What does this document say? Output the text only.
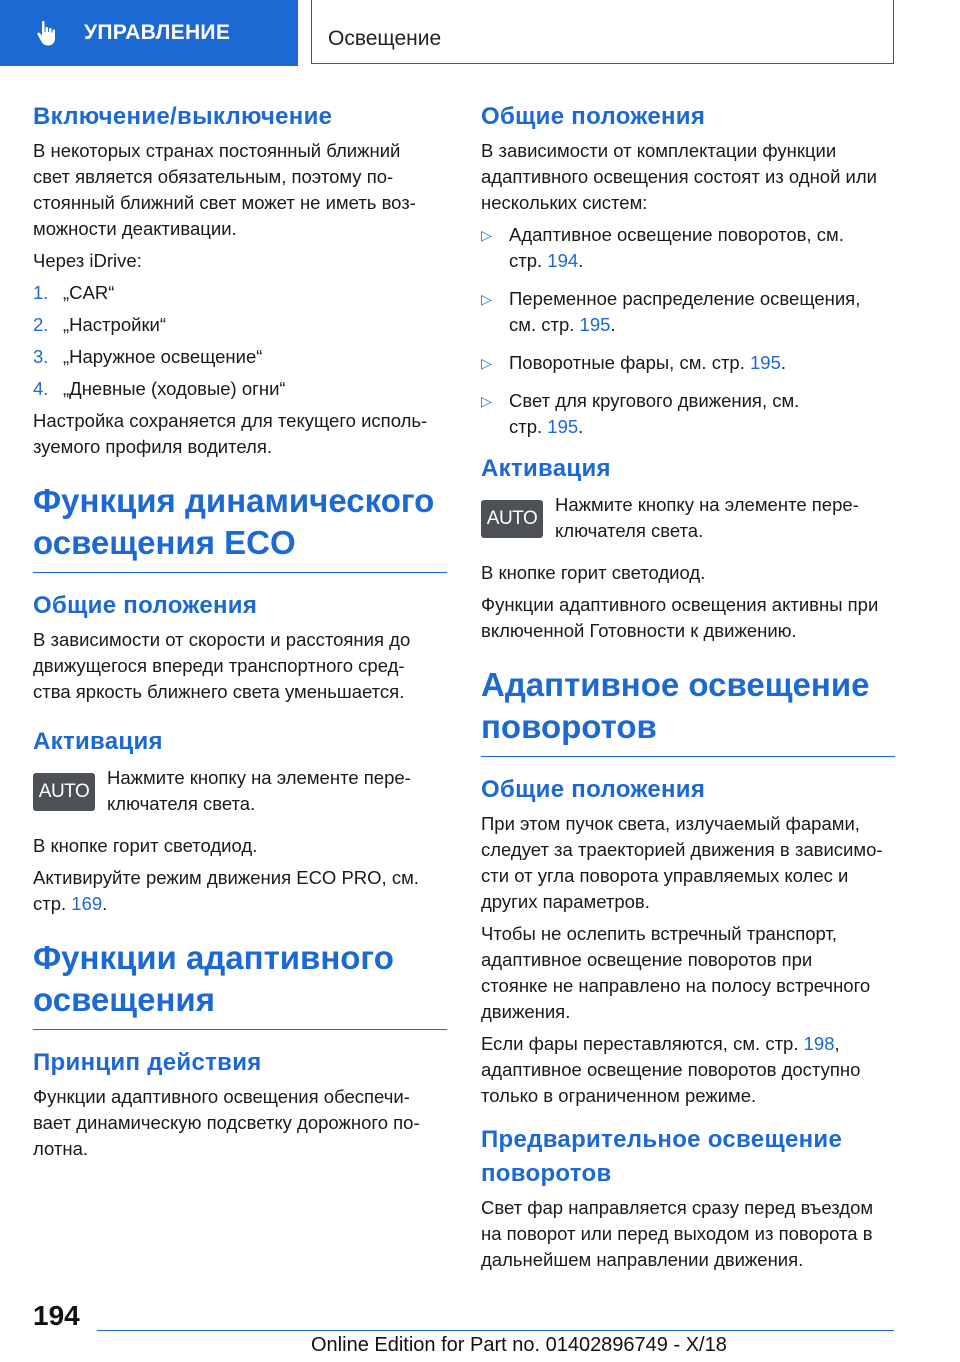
УПРАВЛЕНИЕ	Освещение
Включение/выключение

В некоторых странах постоянный ближний
свет является обязательным, поэтому по-
стоянный ближний свет может не иметь воз-
можности деактивации.

Через iDrive:

1. „CAR“
2. „Настройки“
3. „Наружное освещение“
4. „Дневные (ходовые) огни“

Настройка сохраняется для текущего исполь-
зуемого профиля водителя.

Функция динамического
освещения ECO
Общие положения

В зависимости от скорости и расстояния до
движущегося впереди транспортного сред-
ства яркость ближнего света уменьшается.

Активация
AUTO

Нажмите кнопку на элементе пере-
ключателя света.

В кнопке горит светодиод.

Активируйте режим движения ECO PRO, см.
стр. 169.

Функции адаптивного
освещения
Принцип действия

Функции адаптивного освещения обеспечи-
вает динамическую подсветку дорожного по-
лотна.

Общие положения

В зависимости от комплектации функции
адаптивного освещения состоят из одной или
нескольких систем:

▷ Адаптивное освещение поворотов, см.
стр. 194.
▷ Переменное распределение освещения,
см. стр. 195.
▷ Поворотные фары, см. стр. 195.
▷ Свет для кругового движения, см.
стр. 195.
Активация
AUTO

Нажмите кнопку на элементе пере-
ключателя света.

В кнопке горит светодиод.

Функции адаптивного освещения активны при
включенной Готовности к движению.

Адаптивное освещение
поворотов
Общие положения

При этом пучок света, излучаемый фарами,
следует за траекторией движения в зависимо-
сти от угла поворота управляемых колес и
других параметров.

Чтобы не ослепить встречный транспорт,
адаптивное освещение поворотов при
стоянке не направлено на полосу встречного
движения.

Если фары переставляются, см. стр. 198,
адаптивное освещение поворотов доступно
только в ограниченном режиме.

Предварительное освещение
поворотов

Свет фар направляется сразу перед въездом
на поворот или перед выходом из поворота в
дальнейшем направлении движения.

194
Online Edition for Part no. 01402896749 - X/18
